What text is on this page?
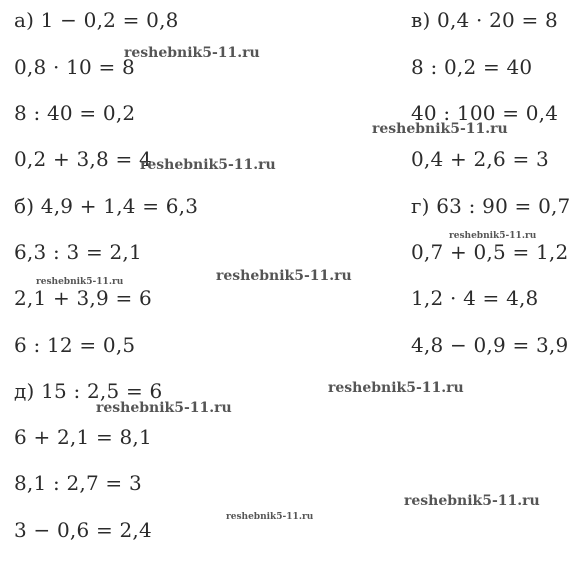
а) 1 − 0,2 = 0,8
0,8 · 10 = 8
8 : 40 = 0,2
0,2 + 3,8 = 4
б) 4,9 + 1,4 = 6,3
6,3 : 3 = 2,1
2,1 + 3,9 = 6
6 : 12 = 0,5
д) 15 : 2,5 = 6
6 + 2,1 = 8,1
8,1 : 2,7 = 3
3 − 0,6 = 2,4
в) 0,4 · 20 = 8
8 : 0,2 = 40
40 : 100 = 0,4
0,4 + 2,6 = 3
г) 63 : 90 = 0,7
0,7 + 0,5 = 1,2
1,2 · 4 = 4,8
4,8 − 0,9 = 3,9
reshebnik5-11.ru
reshebnik5-11.ru
reshebnik5-11.ru
reshebnik5-11.ru
reshebnik5-11.ru
reshebnik5-11.ru
reshebnik5-11.ru
reshebnik5-11.ru
reshebnik5-11.ru
reshebnik5-11.ru
